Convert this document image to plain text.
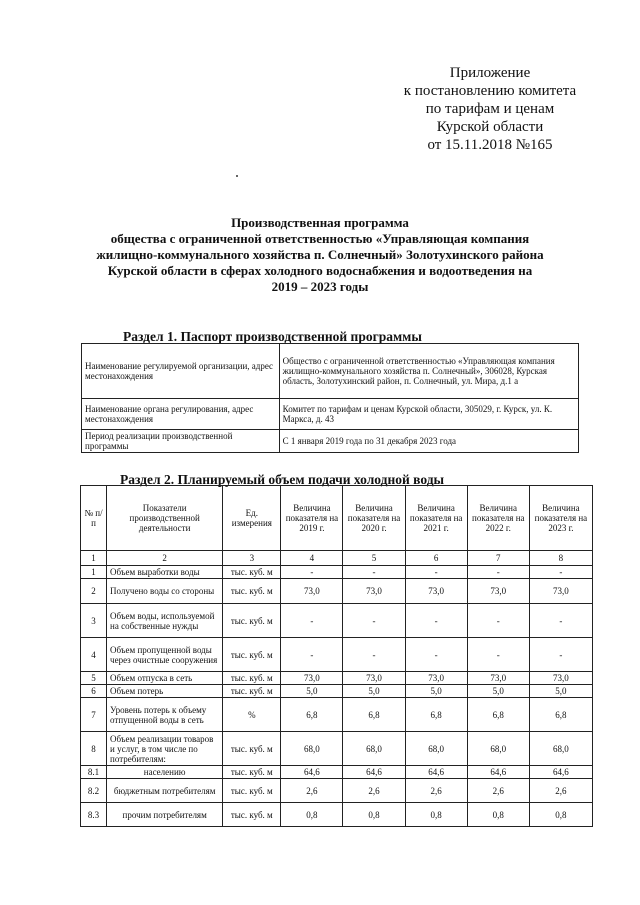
Приложение
к постановлению комитета
по тарифам и ценам
Курской области
от 15.11.2018 №165
Производственная программа
общества с ограниченной ответственностью «Управляющая компания
жилищно-коммунального хозяйства п. Солнечный» Золотухинского района
Курской области в сферах холодного водоснабжения и водоотведения на
2019 – 2023 годы
Раздел 1. Паспорт производственной программы
Наименование регулируемой организации, адрес местонахождения	Общество с ограниченной ответственностью «Управляющая компания жилищно-коммунального хозяйства п. Солнечный», 306028, Курская область, Золотухинский район, п. Солнечный, ул. Мира, д.1 а
Наименование органа регулирования, адрес местонахождения	Комитет по тарифам и ценам Курской области, 305029, г. Курск, ул. К. Маркса, д. 43
Период реализации производственной программы	С 1 января 2019 года по 31 декабря 2023 года
Раздел 2. Планируемый объем подачи холодной воды
№ п/п	Показатели производственной деятельности	Ед. измерения	Величина показателя на 2019 г.	Величина показателя на 2020 г.	Величина показателя на 2021 г.	Величина показателя на 2022 г.	Величина показателя на 2023 г.
1	2	3	4	5	6	7	8
1	Объем выработки воды	тыс. куб. м	-	-	-	-	-
2	Получено воды со стороны	тыс. куб. м	73,0	73,0	73,0	73,0	73,0
3	Объем воды, используемой на собственные нужды	тыс. куб. м	-	-	-	-	-
4	Объем пропущенной воды через очистные сооружения	тыс. куб. м	-	-	-	-	-
5	Объем отпуска в сеть	тыс. куб. м	73,0	73,0	73,0	73,0	73,0
6	Объем потерь	тыс. куб. м	5,0	5,0	5,0	5,0	5,0
7	Уровень потерь к объему отпущенной воды в сеть	%	6,8	6,8	6,8	6,8	6,8
8	Объем реализации товаров и услуг, в том числе по потребителям:	тыс. куб. м	68,0	68,0	68,0	68,0	68,0
8.1	населению	тыс. куб. м	64,6	64,6	64,6	64,6	64,6
8.2	бюджетным потребителям	тыс. куб. м	2,6	2,6	2,6	2,6	2,6
8.3	прочим потребителям	тыс. куб. м	0,8	0,8	0,8	0,8	0,8
